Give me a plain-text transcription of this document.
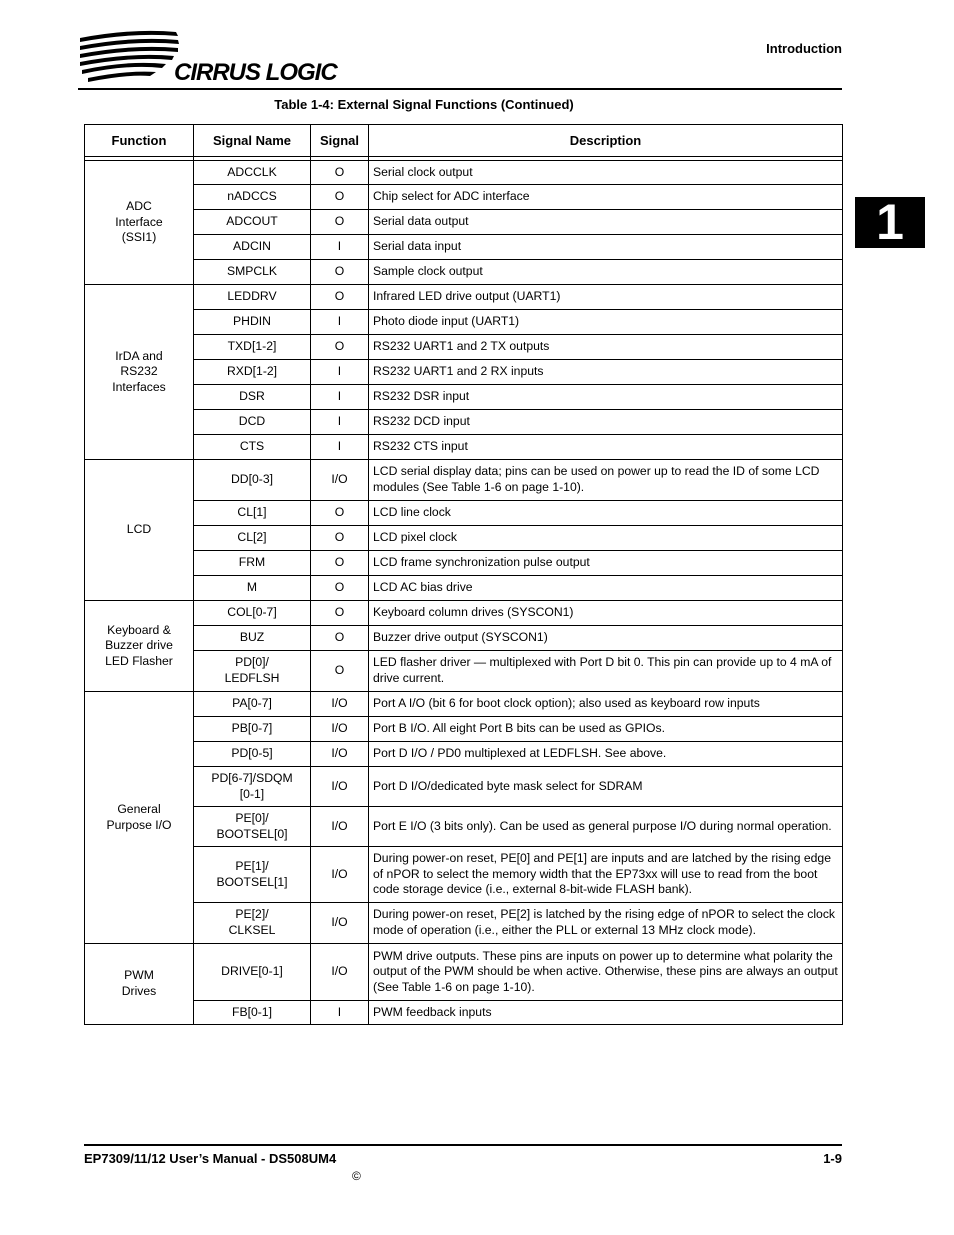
CIRRUS LOGIC
Introduction
1
Table 1-4: External Signal Functions (Continued)
Function	Signal Name	Signal	Description

ADC
Interface
(SSI1)	ADCCLK	O	Serial clock output
	nADCCS	O	Chip select for ADC interface
	ADCOUT	O	Serial data output
	ADCIN	I	Serial data input
	SMPCLK	O	Sample clock output
IrDA and
RS232
Interfaces	LEDDRV	O	Infrared LED drive output (UART1)
	PHDIN	I	Photo diode input (UART1)
	TXD[1-2]	O	RS232 UART1 and 2 TX outputs
	RXD[1-2]	I	RS232 UART1 and 2 RX inputs
	DSR	I	RS232 DSR input
	DCD	I	RS232 DCD input
	CTS	I	RS232 CTS input
LCD	DD[0-3]	I/O	LCD serial display data; pins can be used on power up to read the ID of some LCD modules (See Table 1-6 on page 1-10).
	CL[1]	O	LCD line clock
	CL[2]	O	LCD pixel clock
	FRM	O	LCD frame synchronization pulse output
	M	O	LCD AC bias drive
Keyboard &
Buzzer drive
LED Flasher	COL[0-7]	O	Keyboard column drives (SYSCON1)
	BUZ	O	Buzzer drive output (SYSCON1)
	PD[0]/
LEDFLSH	O	LED flasher driver — multiplexed with Port D bit 0. This pin can provide up to 4 mA of drive current.
General
Purpose I/O	PA[0-7]	I/O	Port A I/O (bit 6 for boot clock option); also used as keyboard row inputs
	PB[0-7]	I/O	Port B I/O. All eight Port B bits can be used as GPIOs.
	PD[0-5]	I/O	Port D I/O / PD0 multiplexed at LEDFLSH. See above.
	PD[6-7]/SDQM
[0-1]	I/O	Port D I/O/dedicated byte mask select for SDRAM
	PE[0]/
BOOTSEL[0]	I/O	Port E I/O (3 bits only). Can be used as general purpose I/O during normal operation.
	PE[1]/
BOOTSEL[1]	I/O	During power-on reset, PE[0] and PE[1] are inputs and are latched by the rising edge of nPOR to select the memory width that the EP73xx will use to read from the boot code storage device (i.e., external 8-bit-wide FLASH bank).
	PE[2]/
CLKSEL	I/O	During power-on reset, PE[2] is latched by the rising edge of nPOR to select the clock mode of operation (i.e., either the PLL or external 13 MHz clock mode).
PWM
Drives	DRIVE[0-1]	I/O	PWM drive outputs. These pins are inputs on power up to determine what polarity the output of the PWM should be when active. Otherwise, these pins are always an output (See Table 1-6 on page 1-10).
	FB[0-1]	I	PWM feedback inputs
EP7309/11/12 User’s Manual - DS508UM4	1-9
©
